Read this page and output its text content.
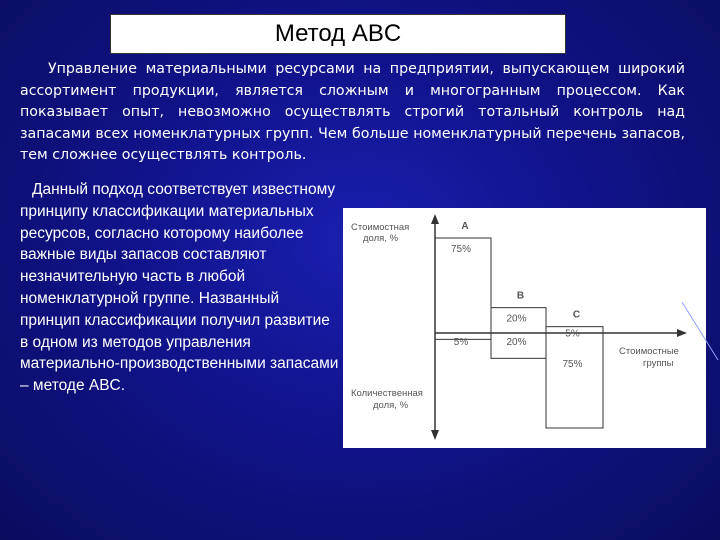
Метод ABC
Управление материальными ресурсами на предприятии, выпускающем широкий ассортимент продукции, является сложным и многогранным процессом. Как показывает опыт, невозможно осуществлять строгий тотальный контроль над запасами всех номенклатурных групп. Чем больше номенклатурный перечень запасов, тем сложнее осуществлять контроль.
Данный подход соответствует известному принципу классификации материальных ресурсов, согласно которому наиболее важные виды запасов составляют незначительную часть в любой номенклатурной группе. Названный принцип классификации получил развитие в одном из методов управления материально-производственными запасами – методе ABC.
Стоимостная
доля, %
Количественная
доля, %
Стоимостные
группы
A
75%
5%
B
20%
20%
C
5%
75%
